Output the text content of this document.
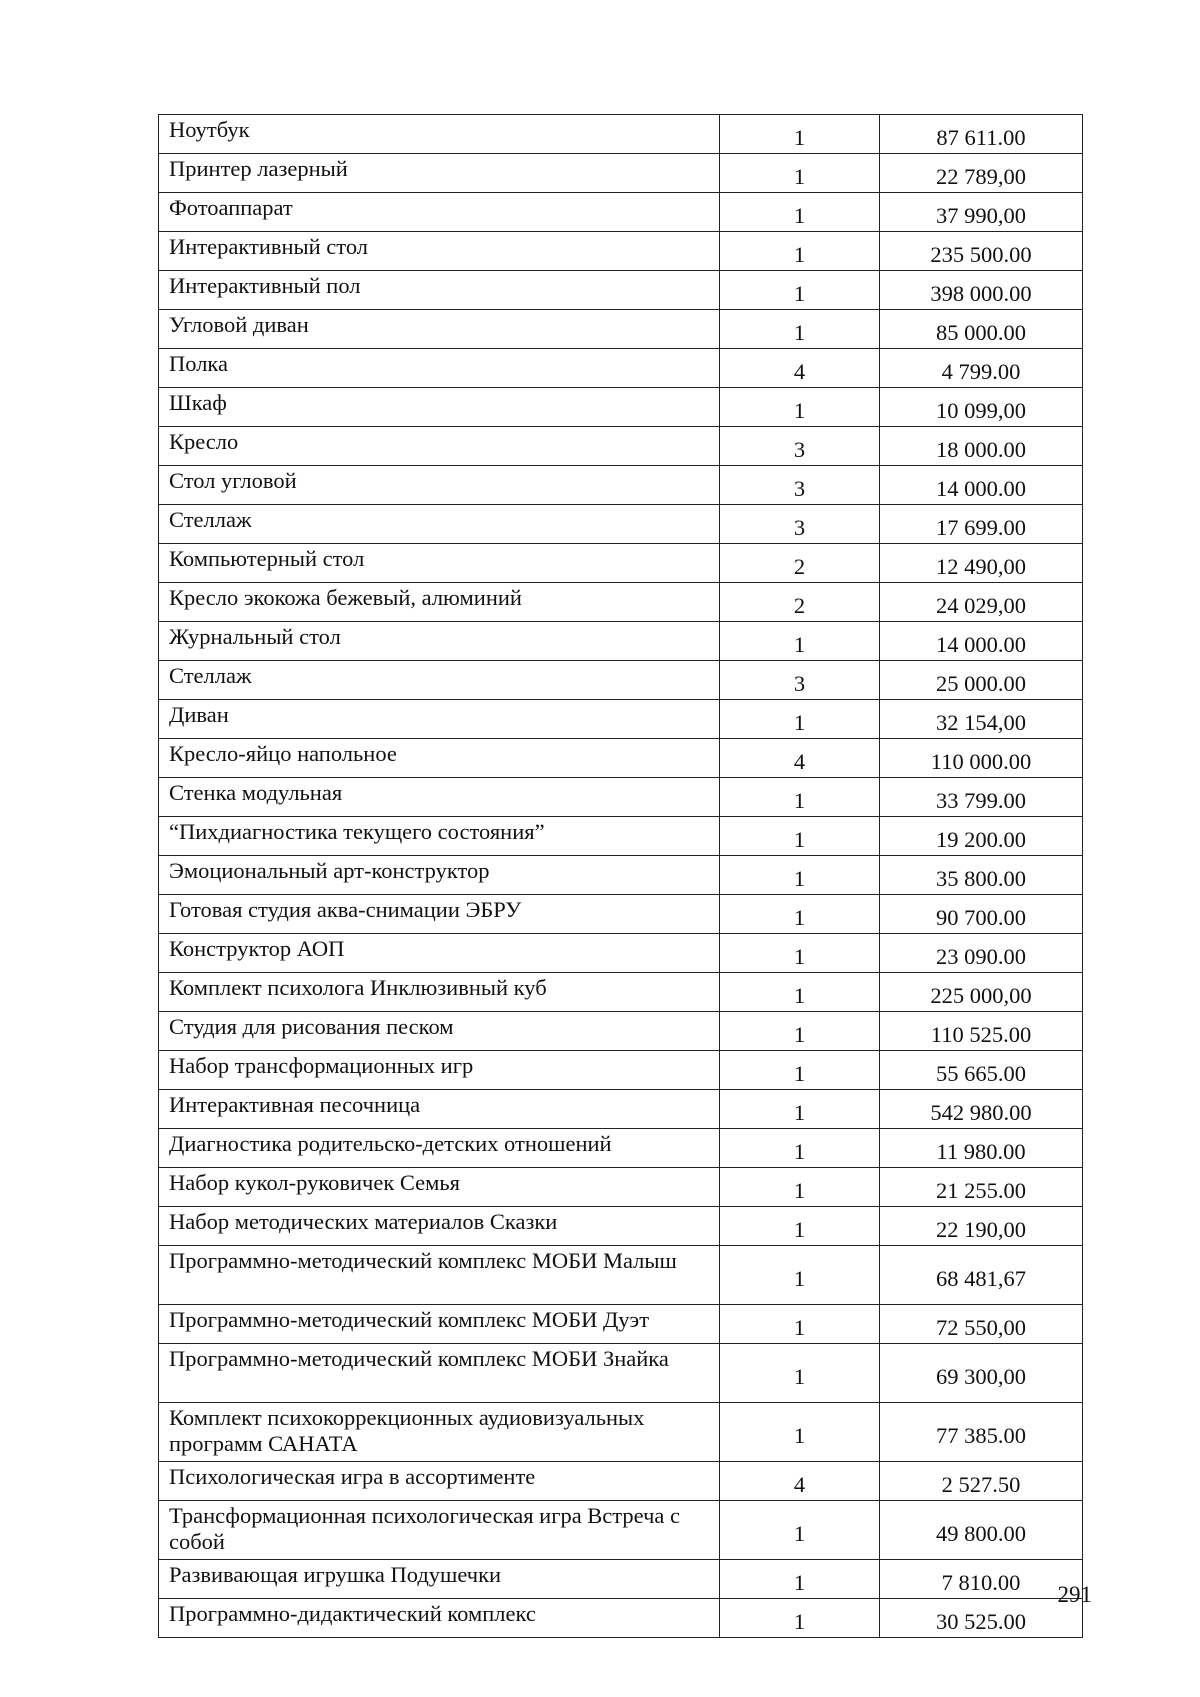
Ноутбук	1	87 611.00
Принтер лазерный	1	22 789,00
Фотоаппарат	1	37 990,00
Интерактивный стол	1	235 500.00
Интерактивный пол	1	398 000.00
Угловой диван	1	85 000.00
Полка	4	4 799.00
Шкаф	1	10 099,00
Кресло	3	18 000.00
Стол угловой	3	14 000.00
Стеллаж	3	17 699.00
Компьютерный стол	2	12 490,00
Кресло экокожа бежевый, алюминий	2	24 029,00
Журнальный стол	1	14 000.00
Стеллаж	3	25 000.00
Диван	1	32 154,00
Кресло-яйцо напольное	4	110 000.00
Стенка модульная	1	33 799.00
“Пихдиагностика текущего состояния”	1	19 200.00
Эмоциональный арт-конструктор	1	35 800.00
Готовая студия аква-снимации ЭБРУ	1	90 700.00
Конструктор АОП	1	23 090.00
Комплект психолога Инклюзивный куб	1	225 000,00
Студия для рисования песком	1	110 525.00
Набор трансформационных игр	1	55 665.00
Интерактивная песочница	1	542 980.00
Диагностика родительско-детских отношений	1	11 980.00
Набор кукол-руковичек Семья	1	21 255.00
Набор методических материалов Сказки	1	22 190,00
Программно-методический комплекс МОБИ Малыш	1	68 481,67
Программно-методический комплекс МОБИ Дуэт	1	72 550,00
Программно-методический комплекс МОБИ Знайка	1	69 300,00
Комплект психокоррекционных аудиовизуальных программ САНАТА	1	77 385.00
Психологическая игра в ассортименте	4	2 527.50
Трансформационная психологическая игра Встреча с собой	1	49 800.00
Развивающая игрушка Подушечки	1	7 810.00
Программно-дидактический комплекс	1	30 525.00
291
